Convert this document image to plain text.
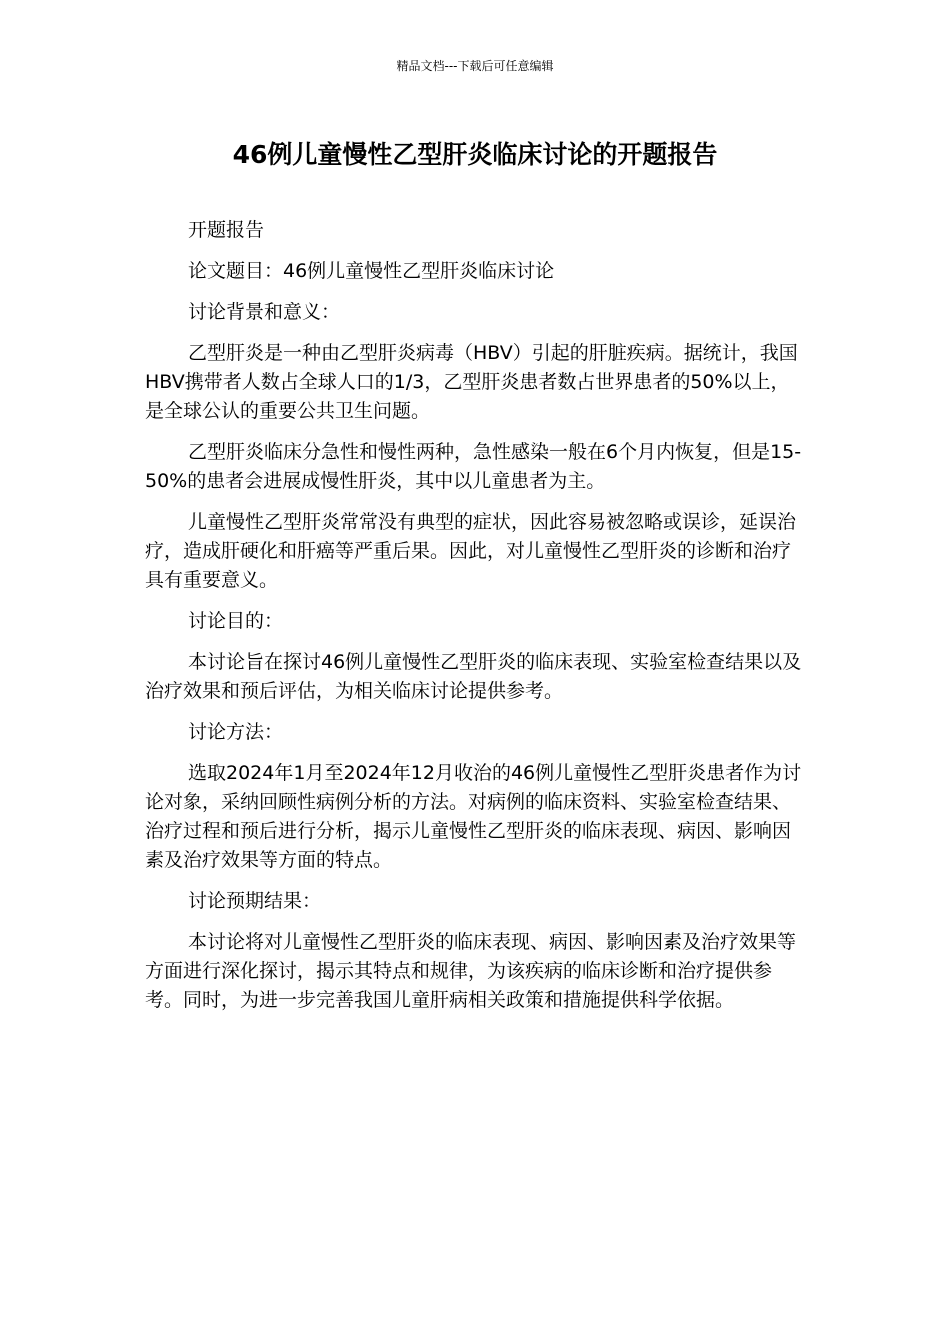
精品文档---下载后可任意编辑
46例儿童慢性乙型肝炎临床讨论的开题报告

开题报告

论文题目：46例儿童慢性乙型肝炎临床讨论

讨论背景和意义：

乙型肝炎是一种由乙型肝炎病毒（HBV）引起的肝脏疾病。据统计，我国HBV携带者人数占全球人口的1/3，乙型肝炎患者数占世界患者的50%以上，是全球公认的重要公共卫生问题。

乙型肝炎临床分急性和慢性两种，急性感染一般在6个月内恢复，但是15-50%的患者会进展成慢性肝炎，其中以儿童患者为主。

儿童慢性乙型肝炎常常没有典型的症状，因此容易被忽略或误诊，延误治疗，造成肝硬化和肝癌等严重后果。因此，对儿童慢性乙型肝炎的诊断和治疗具有重要意义。

讨论目的：

本讨论旨在探讨46例儿童慢性乙型肝炎的临床表现、实验室检查结果以及治疗效果和预后评估，为相关临床讨论提供参考。

讨论方法：

选取2024年1月至2024年12月收治的46例儿童慢性乙型肝炎患者作为讨论对象，采纳回顾性病例分析的方法。对病例的临床资料、实验室检查结果、治疗过程和预后进行分析，揭示儿童慢性乙型肝炎的临床表现、病因、影响因素及治疗效果等方面的特点。

讨论预期结果：

本讨论将对儿童慢性乙型肝炎的临床表现、病因、影响因素及治疗效果等方面进行深化探讨，揭示其特点和规律，为该疾病的临床诊断和治疗提供参考。同时，为进一步完善我国儿童肝病相关政策和措施提供科学依据。
